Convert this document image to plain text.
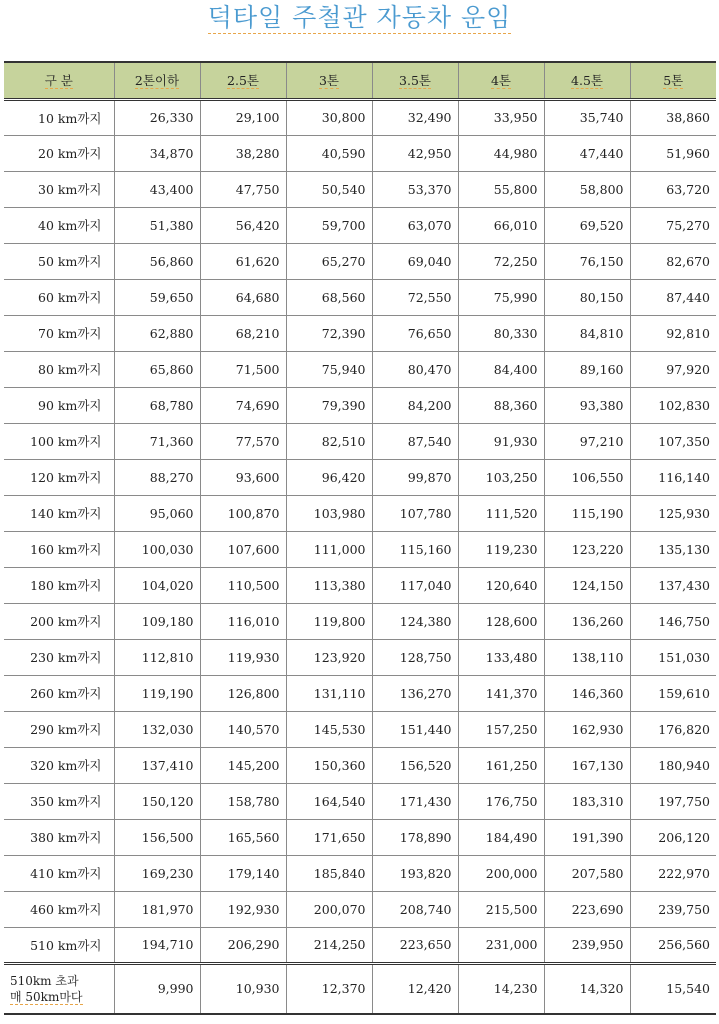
덕타일 주철관 자동차 운임
구 분	2톤이하	2.5톤	3톤	3.5톤	4톤	4.5톤	5톤
10 km까지	26,330	29,100	30,800	32,490	33,950	35,740	38,860
20 km까지	34,870	38,280	40,590	42,950	44,980	47,440	51,960
30 km까지	43,400	47,750	50,540	53,370	55,800	58,800	63,720
40 km까지	51,380	56,420	59,700	63,070	66,010	69,520	75,270
50 km까지	56,860	61,620	65,270	69,040	72,250	76,150	82,670
60 km까지	59,650	64,680	68,560	72,550	75,990	80,150	87,440
70 km까지	62,880	68,210	72,390	76,650	80,330	84,810	92,810
80 km까지	65,860	71,500	75,940	80,470	84,400	89,160	97,920
90 km까지	68,780	74,690	79,390	84,200	88,360	93,380	102,830
100 km까지	71,360	77,570	82,510	87,540	91,930	97,210	107,350
120 km까지	88,270	93,600	96,420	99,870	103,250	106,550	116,140
140 km까지	95,060	100,870	103,980	107,780	111,520	115,190	125,930
160 km까지	100,030	107,600	111,000	115,160	119,230	123,220	135,130
180 km까지	104,020	110,500	113,380	117,040	120,640	124,150	137,430
200 km까지	109,180	116,010	119,800	124,380	128,600	136,260	146,750
230 km까지	112,810	119,930	123,920	128,750	133,480	138,110	151,030
260 km까지	119,190	126,800	131,110	136,270	141,370	146,360	159,610
290 km까지	132,030	140,570	145,530	151,440	157,250	162,930	176,820
320 km까지	137,410	145,200	150,360	156,520	161,250	167,130	180,940
350 km까지	150,120	158,780	164,540	171,430	176,750	183,310	197,750
380 km까지	156,500	165,560	171,650	178,890	184,490	191,390	206,120
410 km까지	169,230	179,140	185,840	193,820	200,000	207,580	222,970
460 km까지	181,970	192,930	200,070	208,740	215,500	223,690	239,750
510 km까지	194,710	206,290	214,250	223,650	231,000	239,950	256,560

510km 초과
매 50km마다	9,990	10,930	12,370	12,420	14,230	14,320	15,540
